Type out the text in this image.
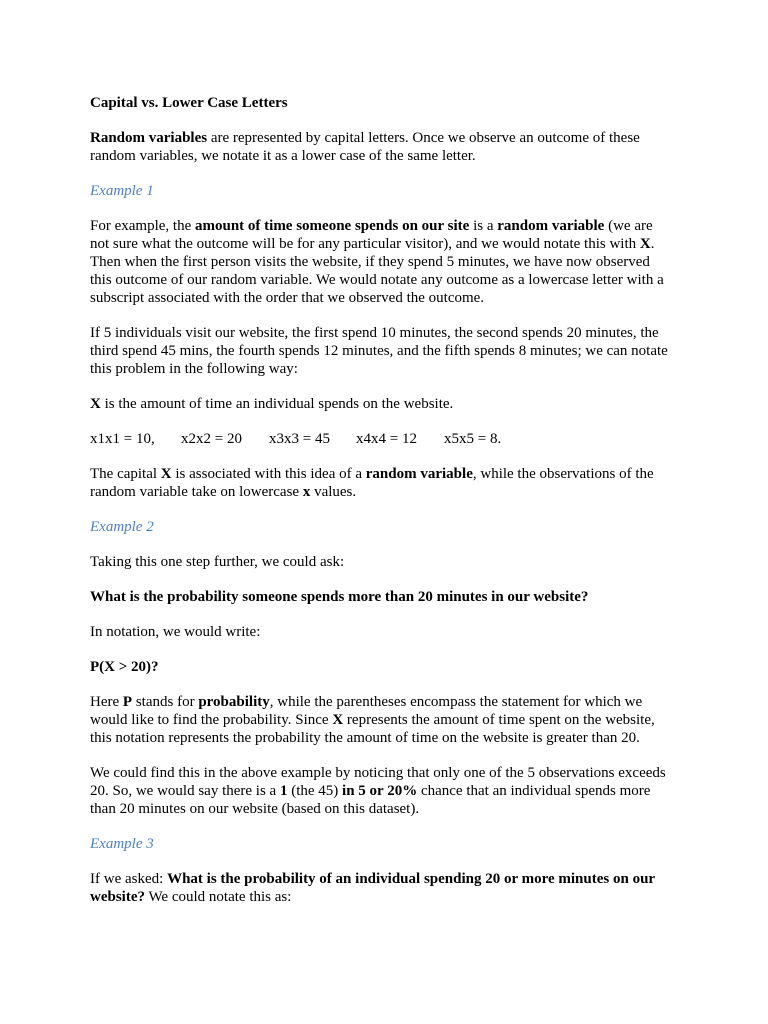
Capital vs. Lower Case Letters

Random variables are represented by capital letters. Once we observe an outcome of these random variables, we notate it as a lower case of the same letter.

Example 1

For example, the amount of time someone spends on our site is a random variable (we are not sure what the outcome will be for any particular visitor), and we would notate this with X. Then when the first person visits the website, if they spend 5 minutes, we have now observed this outcome of our random variable. We would notate any outcome as a lowercase letter with a subscript associated with the order that we observed the outcome.

If 5 individuals visit our website, the first spend 10 minutes, the second spends 20 minutes, the third spend 45 mins, the fourth spends 12 minutes, and the fifth spends 8 minutes; we can notate this problem in the following way:

X is the amount of time an individual spends on the website.

x1x1 = 10, x2x2 = 20 x3x3 = 45 x4x4 = 12 x5x5 = 8.

The capital X is associated with this idea of a random variable, while the observations of the random variable take on lowercase x values.

Example 2

Taking this one step further, we could ask:

What is the probability someone spends more than 20 minutes in our website?

In notation, we would write:

P(X > 20)?

Here P stands for probability, while the parentheses encompass the statement for which we would like to find the probability. Since X represents the amount of time spent on the website, this notation represents the probability the amount of time on the website is greater than 20.

We could find this in the above example by noticing that only one of the 5 observations exceeds 20. So, we would say there is a 1 (the 45) in 5 or 20% chance that an individual spends more than 20 minutes on our website (based on this dataset).

Example 3

If we asked: What is the probability of an individual spending 20 or more minutes on our website? We could notate this as:
